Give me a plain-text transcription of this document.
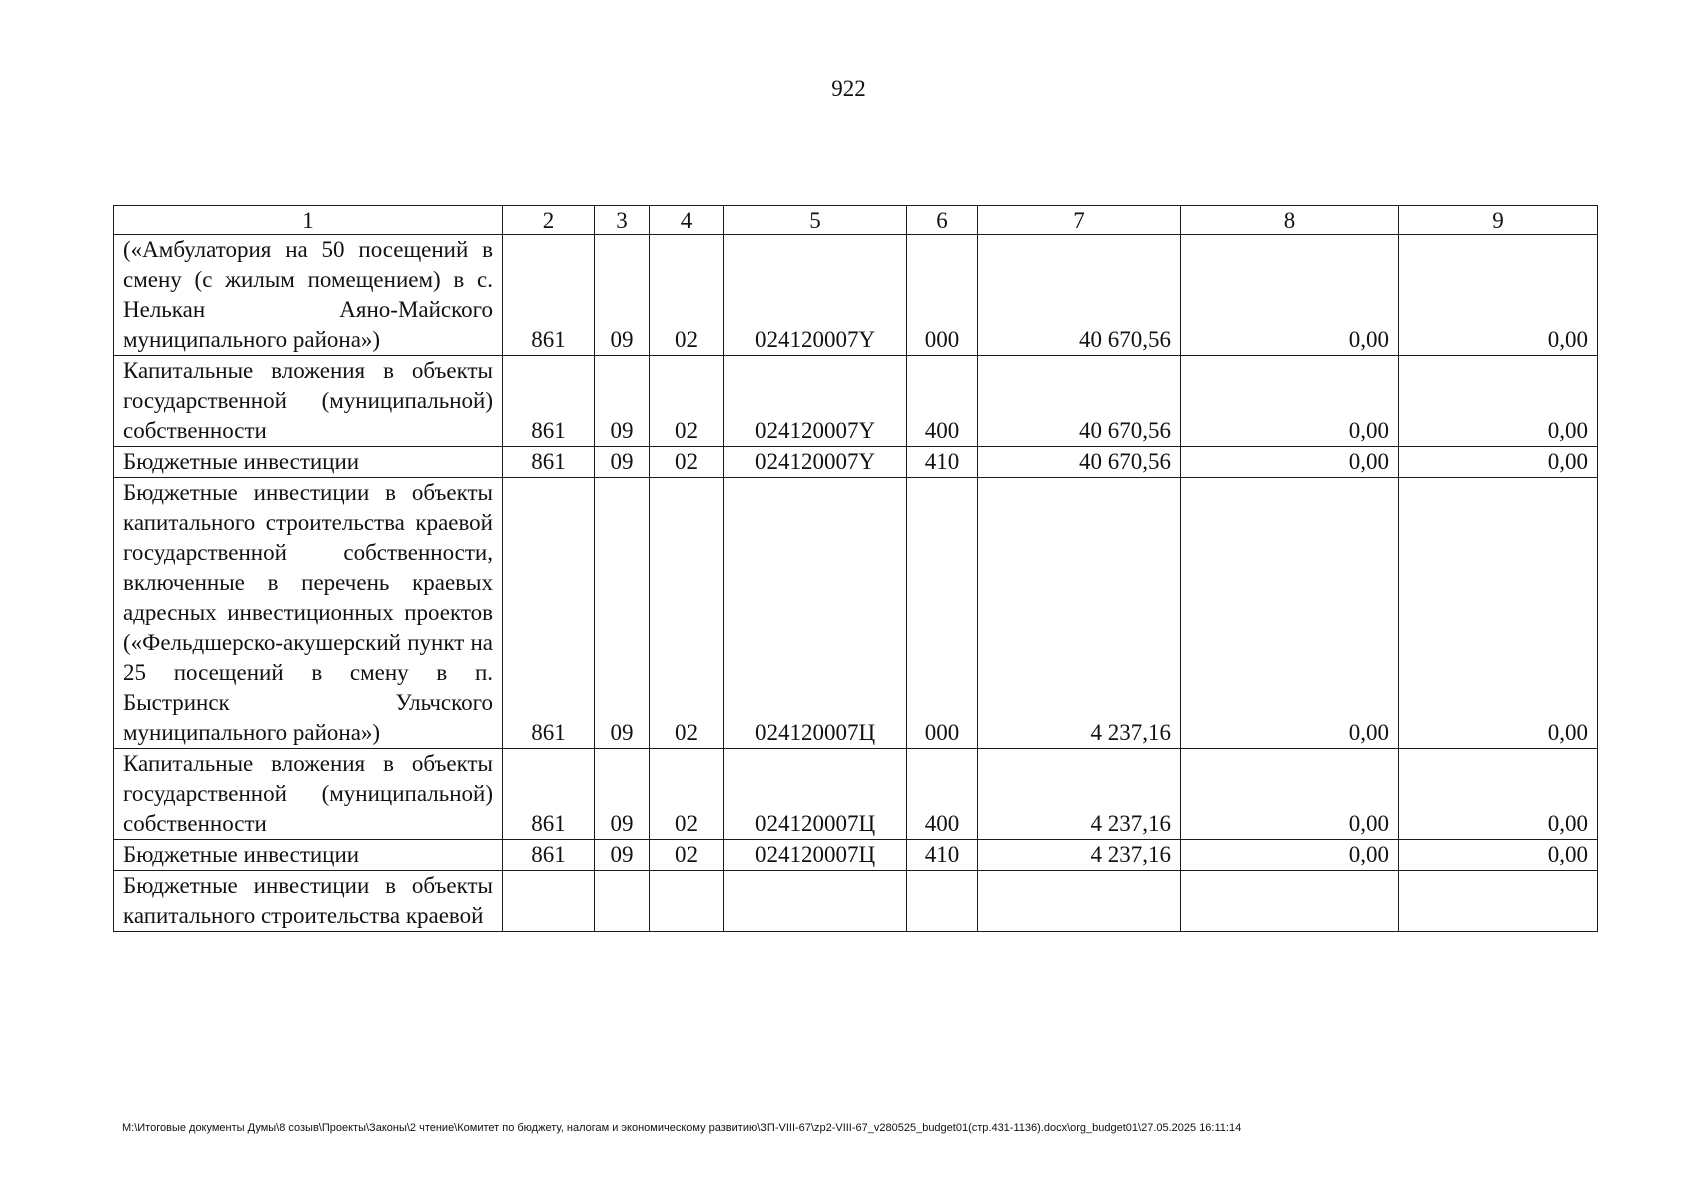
922
1	2	3	4	5	6	7	8	9
(«Амбулатория на 50 посещений в смену (с жилым помещением) в с. Нелькан Аяно-Майского муниципального района»)	861	09	02	024120007Y	000	40 670,56	0,00	0,00
Капитальные вложения в объекты государственной (муниципальной) собственности	861	09	02	024120007Y	400	40 670,56	0,00	0,00
Бюджетные инвестиции	861	09	02	024120007Y	410	40 670,56	0,00	0,00
Бюджетные инвестиции в объекты капитального строительства краевой государственной собственности, включенные в перечень краевых адресных инвестиционных проектов («Фельдшерско-акушерский пункт на 25 посещений в смену в п. Быстринск Ульчского муниципального района»)	861	09	02	024120007Ц	000	4 237,16	0,00	0,00
Капитальные вложения в объекты государственной (муниципальной) собственности	861	09	02	024120007Ц	400	4 237,16	0,00	0,00
Бюджетные инвестиции	861	09	02	024120007Ц	410	4 237,16	0,00	0,00
Бюджетные инвестиции в объекты капитального строительства краевой								
M:\Итоговые документы Думы\8 созыв\Проекты\Законы\2 чтение\Комитет по бюджету, налогам и экономическому развитию\ЗП-VIII-67\zp2-VIII-67_v280525_budget01(стр.431-1136).docx\org_budget01\27.05.2025 16:11:14
